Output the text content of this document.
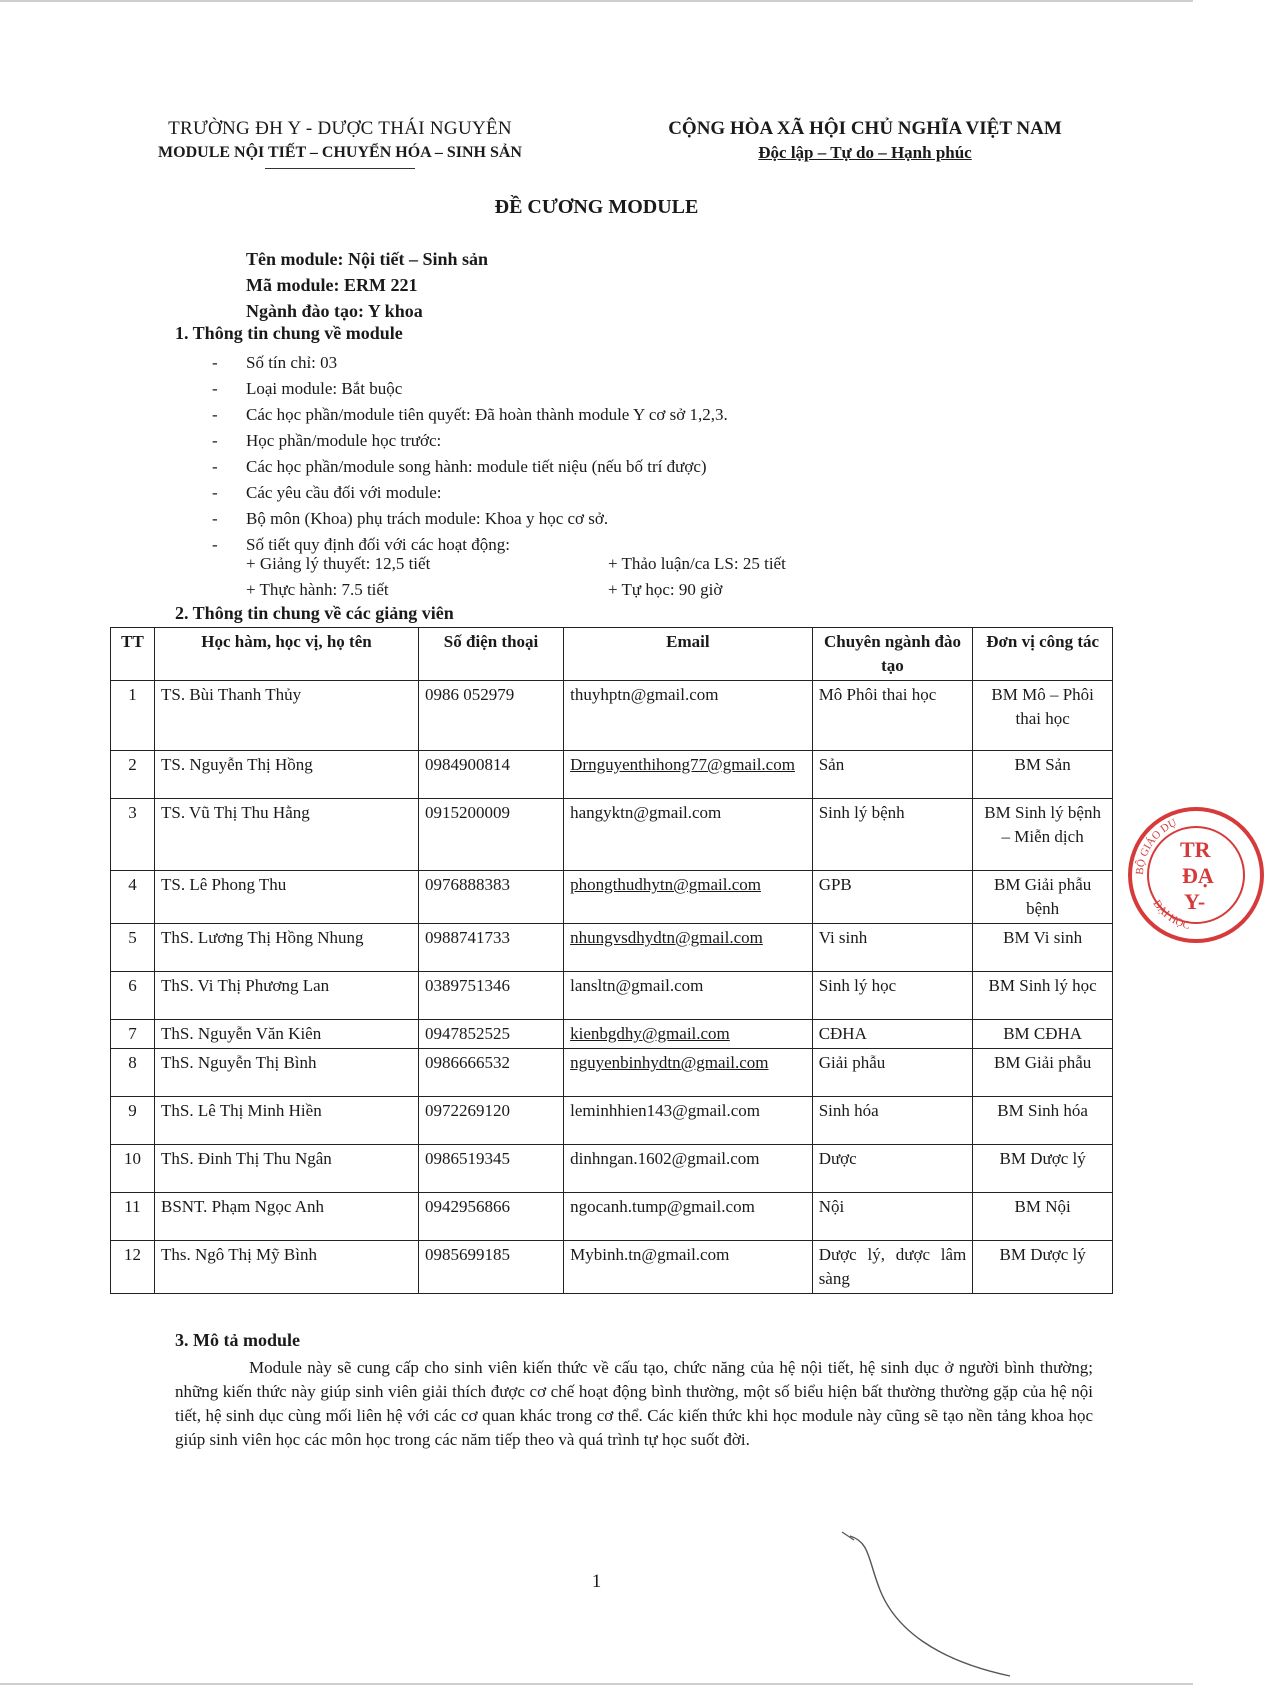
TRƯỜNG ĐH Y - DƯỢC THÁI NGUYÊN
MODULE NỘI TIẾT – CHUYỂN HÓA – SINH SẢN
CỘNG HÒA XÃ HỘI CHỦ NGHĨA VIỆT NAM
Độc lập – Tự do – Hạnh phúc
ĐỀ CƯƠNG MODULE
Tên module: Nội tiết – Sinh sản
Mã module: ERM 221
Ngành đào tạo: Y khoa
1. Thông tin chung về module
- Số tín chỉ: 03
- Loại module: Bắt buộc
- Các học phần/module tiên quyết: Đã hoàn thành module Y cơ sở 1,2,3.
- Học phần/module học trước:
- Các học phần/module song hành: module tiết niệu (nếu bố trí được)
- Các yêu cầu đối với module:
- Bộ môn (Khoa) phụ trách module: Khoa y học cơ sở.
- Số tiết quy định đối với các hoạt động:
+ Giảng lý thuyết: 12,5 tiết
+ Thực hành: 7.5 tiết
+ Thảo luận/ca LS: 25 tiết
+ Tự học: 90 giờ
2. Thông tin chung về các giảng viên
TT	Học hàm, học vị, họ tên	Số điện thoại	Email	Chuyên ngành đào tạo	Đơn vị công tác
1	TS. Bùi Thanh Thủy	0986 052979	thuyhptn@gmail.com	Mô Phôi thai học	BM Mô – Phôi thai học
2	TS. Nguyễn Thị Hồng	0984900814	Drnguyenthihong77@gmail.com	Sản	BM Sản
3	TS. Vũ Thị Thu Hằng	0915200009	hangyktn@gmail.com	Sinh lý bệnh	BM Sinh lý bệnh – Miễn dịch
4	TS. Lê Phong Thu	0976888383	phongthudhytn@gmail.com	GPB	BM Giải phẫu bệnh
5	ThS. Lương Thị Hồng Nhung	0988741733	nhungvsdhydtn@gmail.com	Vi sinh	BM Vi sinh
6	ThS. Vi Thị Phương Lan	0389751346	lansltn@gmail.com	Sinh lý học	BM Sinh lý học
7	ThS. Nguyễn Văn Kiên	0947852525	kienbgdhy@gmail.com	CĐHA	BM CĐHA
8	ThS. Nguyễn Thị Bình	0986666532	nguyenbinhydtn@gmail.com	Giải phẫu	BM Giải phẫu
9	ThS. Lê Thị Minh Hiền	0972269120	leminhhien143@gmail.com	Sinh hóa	BM Sinh hóa
10	ThS. Đinh Thị Thu Ngân	0986519345	dinhngan.1602@gmail.com	Dược	BM Dược lý
11	BSNT. Phạm Ngọc Anh	0942956866	ngocanh.tump@gmail.com	Nội	BM Nội
12	Ths. Ngô Thị Mỹ Bình	0985699185	Mybinh.tn@gmail.com	Dược lý, dược lâm sàng	BM Dược lý
3. Mô tả module

Module này sẽ cung cấp cho sinh viên kiến thức về cấu tạo, chức năng của hệ nội tiết, hệ sinh dục ở người bình thường; những kiến thức này giúp sinh viên giải thích được cơ chế hoạt động bình thường, một số biểu hiện bất thường thường gặp của hệ nội tiết, hệ sinh dục cùng mối liên hệ với các cơ quan khác trong cơ thể. Các kiến thức khi học module này cũng sẽ tạo nền tảng khoa học giúp sinh viên học các môn học trong các năm tiếp theo và quá trình tự học suốt đời.

1
BỘ GIÁO DỤ
ĐẠI HỌC
TR
ĐẠ
Y-
